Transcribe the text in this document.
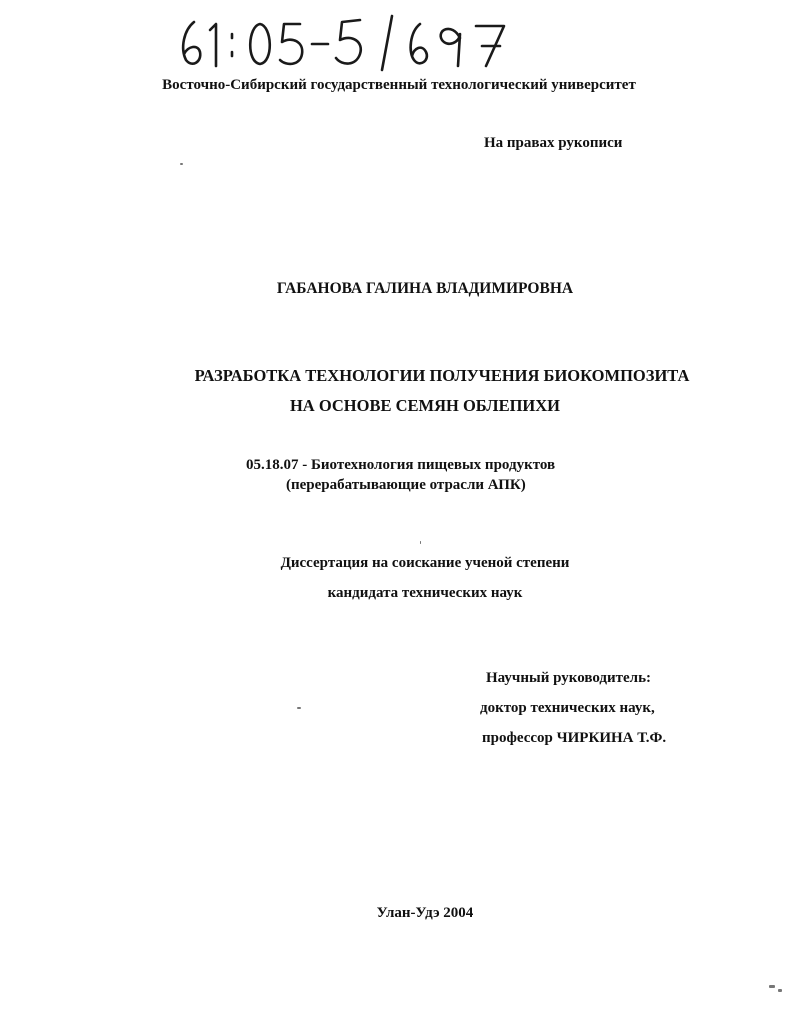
Восточно-Сибирский государственный технологический университет
На правах рукописи
ГАБАНОВА ГАЛИНА ВЛАДИМИРОВНА
РАЗРАБОТКА ТЕХНОЛОГИИ ПОЛУЧЕНИЯ БИОКОМПОЗИТА
НА ОСНОВЕ СЕМЯН ОБЛЕПИХИ
05.18.07 - Биотехнология пищевых продуктов
(перерабатывающие отрасли АПК)
Диссертация на соискание ученой степени
кандидата технических наук
Научный руководитель:
доктор технических наук,
профессор ЧИРКИНА Т.Ф.
Улан-Удэ 2004
